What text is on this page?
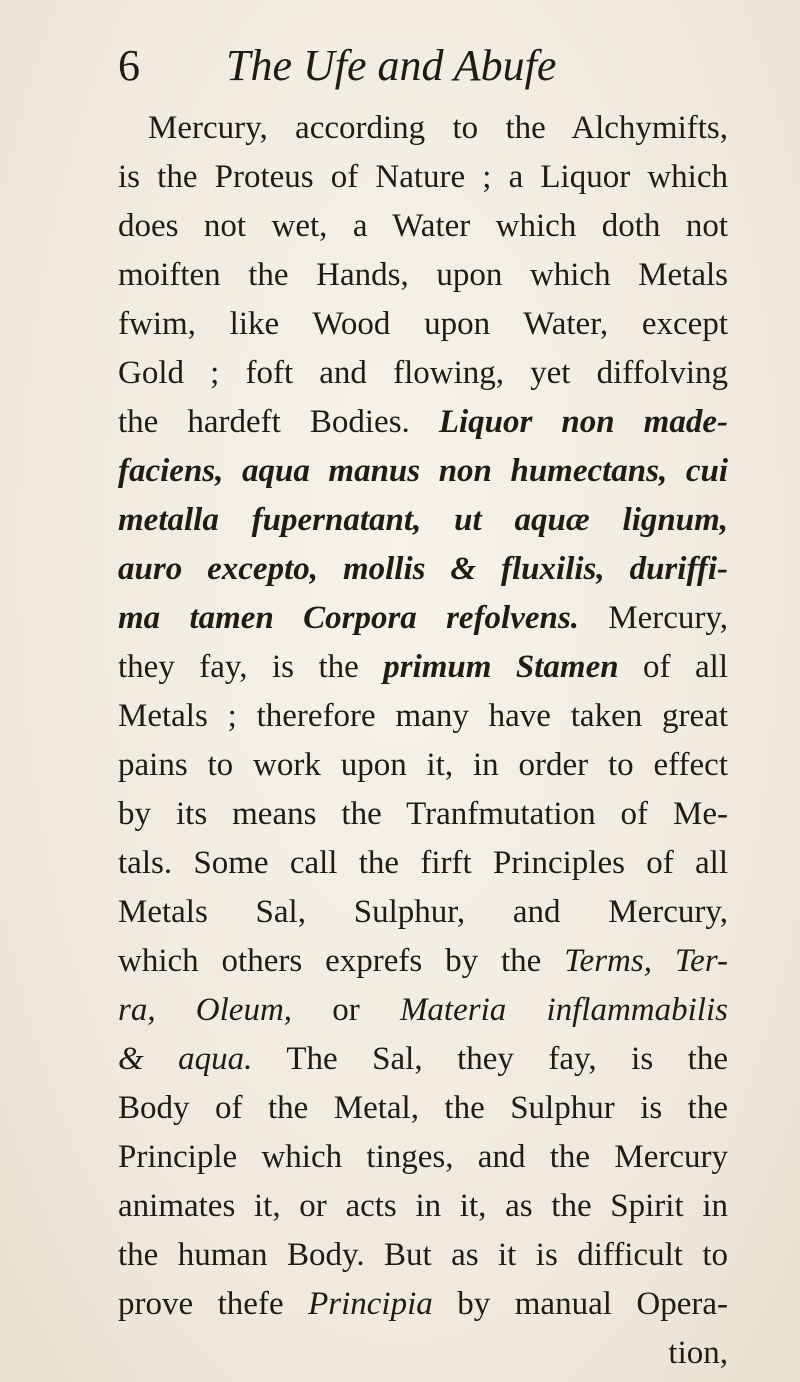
6 The Ufe and Abufe
Mercury, according to the Alchymifts,
is the Proteus of Nature ; a Liquor which
does not wet, a Water which doth not
moiften the Hands, upon which Metals
fwim, like Wood upon Water, except
Gold ; foft and flowing, yet diffolving
the hardeft Bodies. Liquor non made-
faciens, aqua manus non humectans, cui
metalla fupernatant, ut aquæ lignum,
auro excepto, mollis & fluxilis, duriffi-
ma tamen Corpora refolvens. Mercury,
they fay, is the primum Stamen of all
Metals ; therefore many have taken great
pains to work upon it, in order to effect
by its means the Tranfmutation of Me-
tals. Some call the firft Principles of all
Metals Sal, Sulphur, and Mercury,
which others exprefs by the Terms, Ter-
ra, Oleum, or Materia inflammabilis
& aqua. The Sal, they fay, is the
Body of the Metal, the Sulphur is the
Principle which tinges, and the Mercury
animates it, or acts in it, as the Spirit in
the human Body. But as it is difficult to
prove thefe Principia by manual Opera-
tion,
